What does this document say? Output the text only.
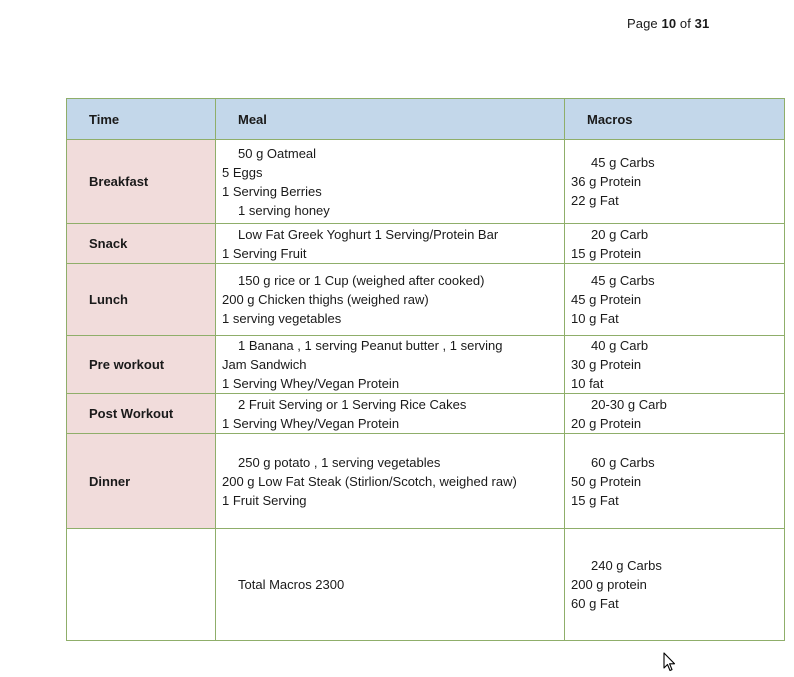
Page 10 of 31
Time	Meal	Macros
Breakfast	50 g Oatmeal
5 Eggs
1 Serving Berries
1 serving honey	45 g Carbs
36 g Protein
22 g Fat

Snack	Low Fat Greek Yoghurt 1 Serving/Protein Bar
1 Serving Fruit	20 g Carb
15 g Protein

Lunch	150 g rice or 1 Cup (weighed after cooked)
200 g Chicken thighs (weighed raw)
1 serving vegetables	45 g Carbs
45 g Protein
10 g Fat

Pre workout	1 Banana , 1 serving Peanut butter , 1 serving
Jam Sandwich
1 Serving Whey/Vegan Protein	40 g Carb
30 g Protein
10 fat

Post Workout	2 Fruit Serving or 1 Serving Rice Cakes
1 Serving Whey/Vegan Protein	20-30 g Carb
20 g Protein

Dinner	250 g potato , 1 serving vegetables
200 g Low Fat Steak (Stirlion/Scotch, weighed raw)
1 Fruit Serving	60 g Carbs
50 g Protein
15 g Fat

	Total Macros 2300	240 g Carbs
200 g protein
60 g Fat
